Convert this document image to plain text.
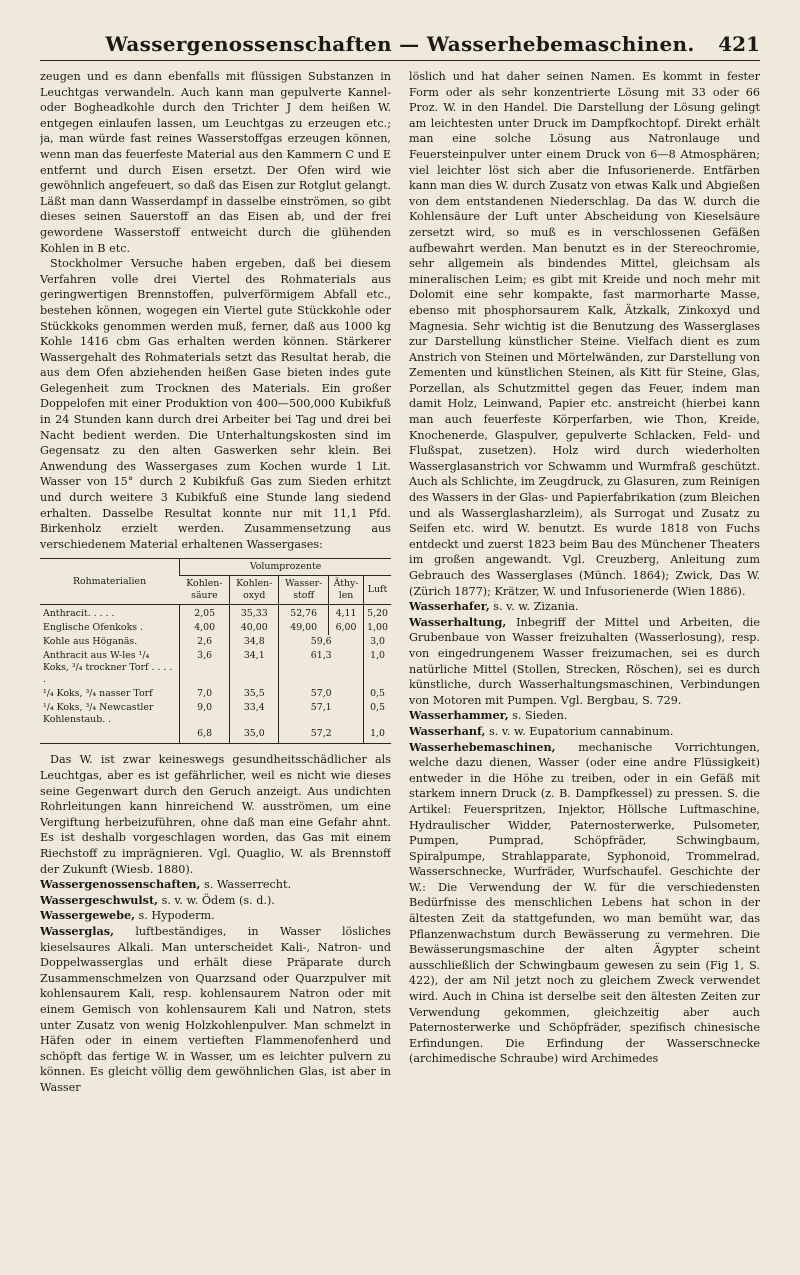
Wassergenossenschaften — Wasserhebemaschinen.	421

zeugen und es dann ebenfalls mit flüssigen Substanzen in Leuchtgas verwandeln. Auch kann man gepulverte Kannel- oder Boghеadkohle durch den Trichter J dem heißen W. entgegen einlaufen lassen, um Leuchtgas zu erzeugen etc.; ja, man würde fast reines Wasserstoffgas erzeugen können, wenn man das feuerfeste Material aus den Kammern C und E entfernt und durch Eisen ersetzt. Der Ofen wird wie gewöhnlich angefeuert, so daß das Eisen zur Rotglut gelangt. Läßt man dann Wasserdampf in dasselbe einströmen, so gibt dieses seinen Sauerstoff an das Eisen ab, und der frei gewordene Wasserstoff entweicht durch die glühenden Kohlen in B etc.

Stockholmer Versuche haben ergeben, daß bei diesem Verfahren volle drei Viertel des Rohmaterials aus geringwertigen Brennstoffen, pulverförmigem Abfall etc., bestehen können, wogegen ein Viertel gute Stückkohle oder Stückkoks genommen werden muß, ferner, daß aus 1000 kg Kohle 1416 cbm Gas erhalten werden können. Stärkerer Wassergehalt des Rohmaterials setzt das Resultat herab, die aus dem Ofen abziehenden heißen Gase bieten indes gute Gelegenheit zum Trocknen des Materials. Ein großer Doppelofen mit einer Produktion von 400—500,000 Kubikfuß in 24 Stunden kann durch drei Arbeiter bei Tag und drei bei Nacht bedient werden. Die Unterhaltungskosten sind im Gegensatz zu den alten Gaswerken sehr klein. Bei Anwendung des Wassergases zum Kochen wurde 1 Lit. Wasser von 15° durch 2 Kubikfuß Gas zum Sieden erhitzt und durch weitere 3 Kubikfuß eine Stunde lang siedend erhalten. Dasselbe Resultat konnte nur mit 11,1 Pfd. Birkenholz erzielt werden. Zusammensetzung aus verschiedenem Material erhaltenen Wassergases:

Rohmaterialien	Volumprozente				
	Kohlen-säure	Kohlen-oxyd	Wasser-stoff	Äthy-len	Luft
Anthracit. . . . .	2,05	35,33	52,76	4,11	5,20
Englische Ofenkoks .	4,00	40,00	49,00	6,00	1,00
Kohle aus Höganäs.	2,6	34,8	59,6		3,0
Anthracit aus W-les ¹/₄ Koks, ³/₄ trockner Torf . . . . .	3,6	34,1	61,3		1,0
¹/₄ Koks, ³/₄ nasser Torf	7,0	35,5	57,0		0,5
¹/₄ Koks, ³/₄ Newcastler Kohlenstaub. .	9,0	33,4	57,1		0,5
	6,8	35,0	57,2		1,0

Das W. ist zwar keineswegs gesundheitsschädlicher als Leuchtgas, aber es ist gefährlicher, weil es nicht wie dieses seine Gegenwart durch den Geruch anzeigt. Aus undichten Rohrleitungen kann hinreichend W. ausströmen, um eine Vergiftung herbeizuführen, ohne daß man eine Gefahr ahnt. Es ist deshalb vorgeschlagen worden, das Gas mit einem Riechstoff zu imprägnieren. Vgl. Quaglio, W. als Brennstoff der Zukunft (Wiesb. 1880).

Wassergenossenschaften, s. Wasserrecht.

Wassergeschwulst, s. v. w. Ödem (s. d.).

Wassergewebe, s. Hypoderm.

Wasserglas, luftbeständiges, in Wasser lösliches kieselsaures Alkali. Man unterscheidet Kali-, Natron- und Doppelwasserglas und erhält diese Präparate durch Zusammenschmelzen von Quarzsand oder Quarzpulver mit kohlensaurem Kali, resp. kohlensaurem Natron oder mit einem Gemisch von kohlensaurem Kali und Natron, stets unter Zusatz von wenig Holzkohlenpulver. Man schmelzt in Häfen oder in einem vertieften Flammenofenherd und schöpft das fertige W. in Wasser, um es leichter pulvern zu können. Es gleicht völlig dem gewöhnlichen Glas, ist aber in Wasser

löslich und hat daher seinen Namen. Es kommt in fester Form oder als sehr konzentrierte Lösung mit 33 oder 66 Proz. W. in den Handel. Die Darstellung der Lösung gelingt am leichtesten unter Druck im Dampfkochtopf. Direkt erhält man eine solche Lösung aus Natronlauge und Feuersteinpulver unter einem Druck von 6—8 Atmosphären; viel leichter löst sich aber die Infusorienerde. Entfärben kann man dies W. durch Zusatz von etwas Kalk und Abgießen von dem entstandenen Niederschlag. Da das W. durch die Kohlensäure der Luft unter Abscheidung von Kieselsäure zersetzt wird, so muß es in verschlossenen Gefäßen aufbewahrt werden. Man benutzt es in der Stereochromie, sehr allgemein als bindendes Mittel, gleichsam als mineralischen Leim; es gibt mit Kreide und noch mehr mit Dolomit eine sehr kompakte, fast marmorharte Masse, ebenso mit phosphorsaurem Kalk, Ätzkalk, Zinkoxyd und Magnesia. Sehr wichtig ist die Benutzung des Wasserglases zur Darstellung künstlicher Steine. Vielfach dient es zum Anstrich von Steinen und Mörtelwänden, zur Darstellung von Zementen und künstlichen Steinen, als Kitt für Steine, Glas, Porzellan, als Schutzmittel gegen das Feuer, indem man damit Holz, Leinwand, Papier etc. anstreicht (hierbei kann man auch feuerfeste Körperfarben, wie Thon, Kreide, Knochenerde, Glaspulver, gepulverte Schlacken, Feld- und Flußspat, zusetzen). Holz wird durch wiederholten Wasserglasanstrich vor Schwamm und Wurmfraß geschützt. Auch als Schlichte, im Zeugdruck, zu Glasuren, zum Reinigen des Wassers in der Glas- und Papierfabrikation (zum Bleichen und als Wasserglasharzleim), als Surrogat und Zusatz zu Seifen etc. wird W. benutzt. Es wurde 1818 von Fuchs entdeckt und zuerst 1823 beim Bau des Münchener Theaters im großen angewandt. Vgl. Creuzberg, Anleitung zum Gebrauch des Wasserglases (Münch. 1864); Zwick, Das W. (Zürich 1877); Krätzer, W. und Infusorienerde (Wien 1886).

Wasserhafer, s. v. w. Zizania.

Wasserhaltung, Inbegriff der Mittel und Arbeiten, die Grubenbaue von Wasser freizuhalten (Wasserlosung), resp. von eingedrungenem Wasser freizumachen, sei es durch natürliche Mittel (Stollen, Strecken, Röschen), sei es durch künstliche, durch Wasserhaltungsmaschinen, Verbindungen von Motoren mit Pumpen. Vgl. Bergbau, S. 729.

Wasserhammer, s. Sieden.

Wasserhanf, s. v. w. Eupatorium cannabinum.

Wasserhebemaschinen, mechanische Vorrichtungen, welche dazu dienen, Wasser (oder eine andre Flüssigkeit) entweder in die Höhe zu treiben, oder in ein Gefäß mit starkem innern Druck (z. B. Dampfkessel) zu pressen. S. die Artikel: Feuerspritzen, Injektor, Höllsche Luftmaschine, Hydraulischer Widder, Paternosterwerke, Pulsometer, Pumpen, Pumprad, Schöpfräder, Schwingbaum, Spiralpumpe, Strahlapparate, Syphonoid, Trommelrad, Wasserschnecke, Wurfräder, Wurfschaufel. Geschichte der W.: Die Verwendung der W. für die verschiedensten Bedürfnisse des menschlichen Lebens hat schon in der ältesten Zeit da stattgefunden, wo man bemüht war, das Pflanzenwachstum durch Bewässerung zu vermehren. Die Bewässerungsmaschine der alten Ägypter scheint ausschließlich der Schwingbaum gewesen zu sein (Fig 1, S. 422), der am Nil jetzt noch zu gleichem Zweck verwendet wird. Auch in China ist derselbe seit den ältesten Zeiten zur Verwendung gekommen, gleichzeitig aber auch Paternosterwerke und Schöpfräder, spezifisch chinesische Erfindungen. Die Erfindung der Wasserschnecke (archimedische Schraube) wird Archimedes
